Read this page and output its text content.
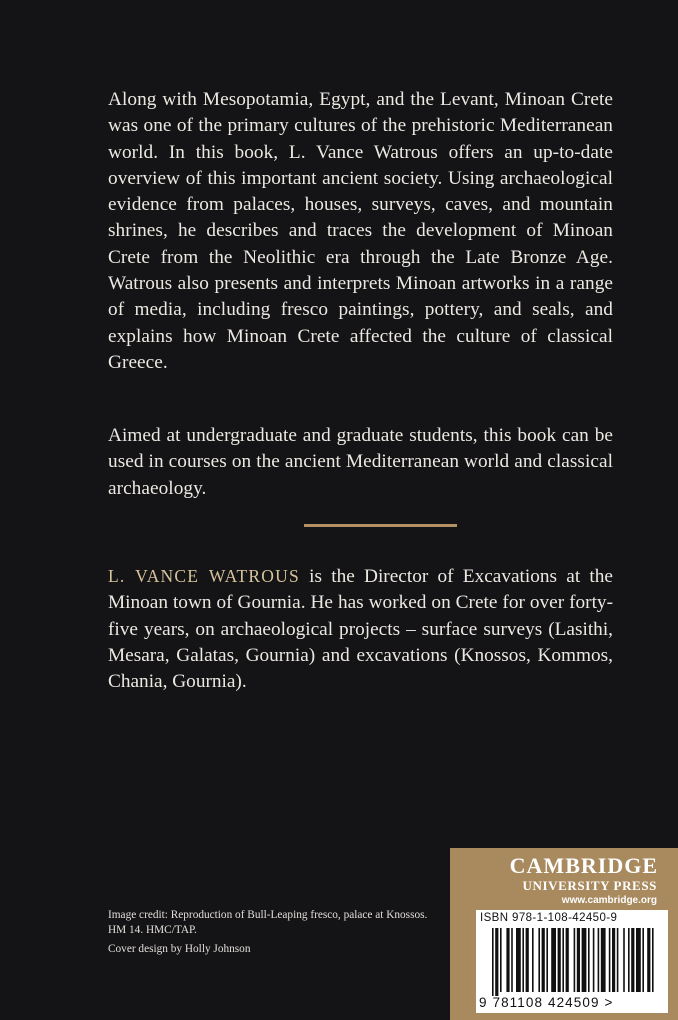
Along with Mesopotamia, Egypt, and the Levant, Minoan Crete was one of the primary cultures of the prehistoric Mediterranean world. In this book, L. Vance Watrous offers an up-to-date overview of this important ancient society. Using archaeological evidence from palaces, houses, surveys, caves, and mountain shrines, he describes and traces the development of Minoan Crete from the Neolithic era through the Late Bronze Age. Watrous also presents and interprets Minoan artworks in a range of media, including fresco paintings, pottery, and seals, and explains how Minoan Crete affected the culture of classical Greece.

Aimed at undergraduate and graduate students, this book can be used in courses on the ancient Mediterranean world and classical archaeology.

L. VANCE WATROUS is the Director of Excavations at the Minoan town of Gournia. He has worked on Crete for over forty-five years, on archaeological projects – surface surveys (Lasithi, Mesara, Galatas, Gournia) and excavations (Knossos, Kommos, Chania, Gournia).

Image credit: Reproduction of Bull-Leaping fresco, palace at Knossos. HM 14. HMC/TAP.

Cover design by Holly Johnson

CAMBRIDGE
UNIVERSITY PRESS
www.cambridge.org
ISBN 978-1-108-42450-9
9 781108 424509 >
